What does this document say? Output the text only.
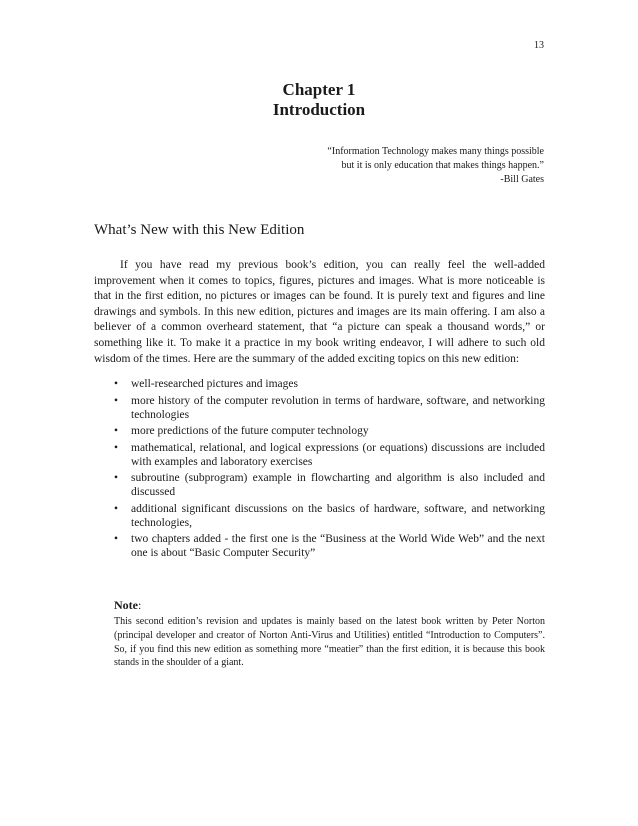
13
Chapter 1
Introduction
“Information Technology makes many things possible
but it is only education that makes things happen.”
-Bill Gates
What’s New with this New Edition

If you have read my previous book’s edition, you can really feel the well-added improvement when it comes to topics, figures, pictures and images. What is more noticeable is that in the first edition, no pictures or images can be found. It is purely text and figures and line drawings and symbols. In this new edition, pictures and images are its main offering. I am also a believer of a common overheard statement, that “a picture can speak a thousand words,” or something like it. To make it a practice in my book writing endeavor, I will adhere to such old wisdom of the times. Here are the summary of the added exciting topics on this new edition:

• well-researched pictures and images
• more history of the computer revolution in terms of hardware, software, and networking technologies
• more predictions of the future computer technology
• mathematical, relational, and logical expressions (or equations) discussions are included with examples and laboratory exercises
• subroutine (subprogram) example in flowcharting and algorithm is also included and discussed
• additional significant discussions on the basics of hardware, software, and networking technologies,
• two chapters added - the first one is the “Business at the World Wide Web” and the next one is about “Basic Computer Security”
Note:

This second edition’s revision and updates is mainly based on the latest book written by Peter Norton (principal developer and creator of Norton Anti-Virus and Utilities) entitled “Introduction to Computers”. So, if you find this new edition as something more “meatier” than the first edition, it is because this book stands in the shoulder of a giant.
